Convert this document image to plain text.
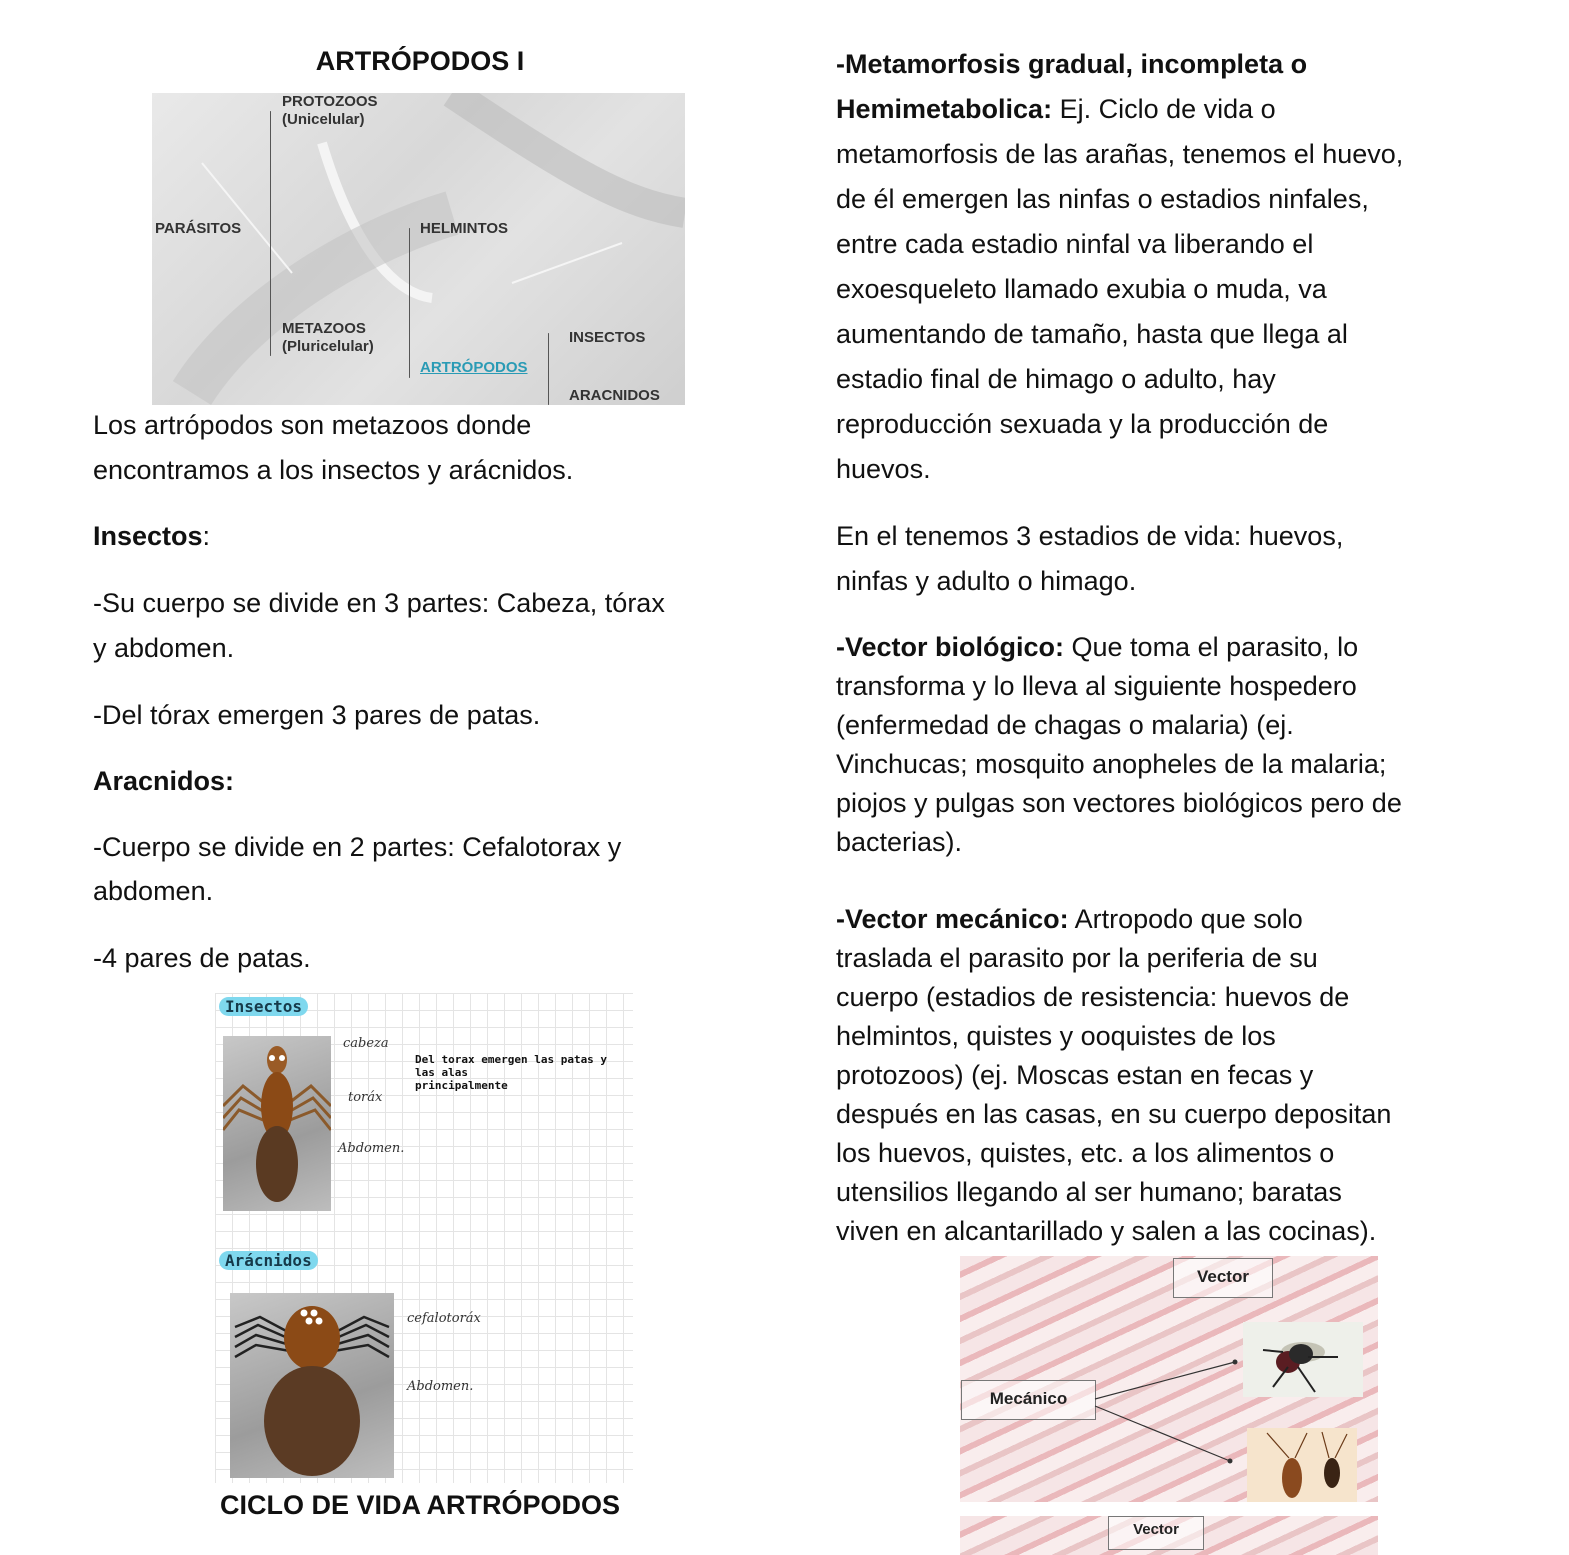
ARTRÓPODOS I
PARÁSITOS
PROTOZOOS
(Unicelular)
HELMINTOS
METAZOOS
(Pluricelular)
ARTRÓPODOS
INSECTOS
ARACNIDOS
Los artrópodos son metazoos donde
encontramos a los insectos y arácnidos.
Insectos:
-Su cuerpo se divide en 3 partes: Cabeza, tórax
y abdomen.
-Del tórax emergen 3 pares de patas.
Aracnidos:
-Cuerpo se divide en 2 partes: Cefalotorax y
abdomen.
-4 pares de patas.
Insectos
cabeza
toráx
Abdomen.
Del torax emergen las patas y las alas
principalmente
Arácnidos
cefalotoráx
Abdomen.
CICLO DE VIDA ARTRÓPODOS
-Metamorfosis gradual, incompleta o
Hemimetabolica: Ej. Ciclo de vida o
metamorfosis de las arañas, tenemos el huevo,
de él emergen las ninfas o estadios ninfales,
entre cada estadio ninfal va liberando el
exoesqueleto llamado exubia o muda, va
aumentando de tamaño, hasta que llega al
estadio final de himago o adulto, hay
reproducción sexuada y la producción de
huevos.
En el tenemos 3 estadios de vida: huevos,
ninfas y adulto o himago.
-Vector biológico: Que toma el parasito, lo
transforma y lo lleva al siguiente hospedero
(enfermedad de chagas o malaria) (ej.
Vinchucas; mosquito anopheles de la malaria;
piojos y pulgas son vectores biológicos pero de
bacterias).
-Vector mecánico: Artropodo que solo
traslada el parasito por la periferia de su
cuerpo (estadios de resistencia: huevos de
helmintos, quistes y ooquistes de los
protozoos) (ej. Moscas estan en fecas y
después en las casas, en su cuerpo depositan
los huevos, quistes, etc. a los alimentos o
utensilios llegando al ser humano; baratas
viven en alcantarillado y salen a las cocinas).
Vector
Mecánico
Vector
